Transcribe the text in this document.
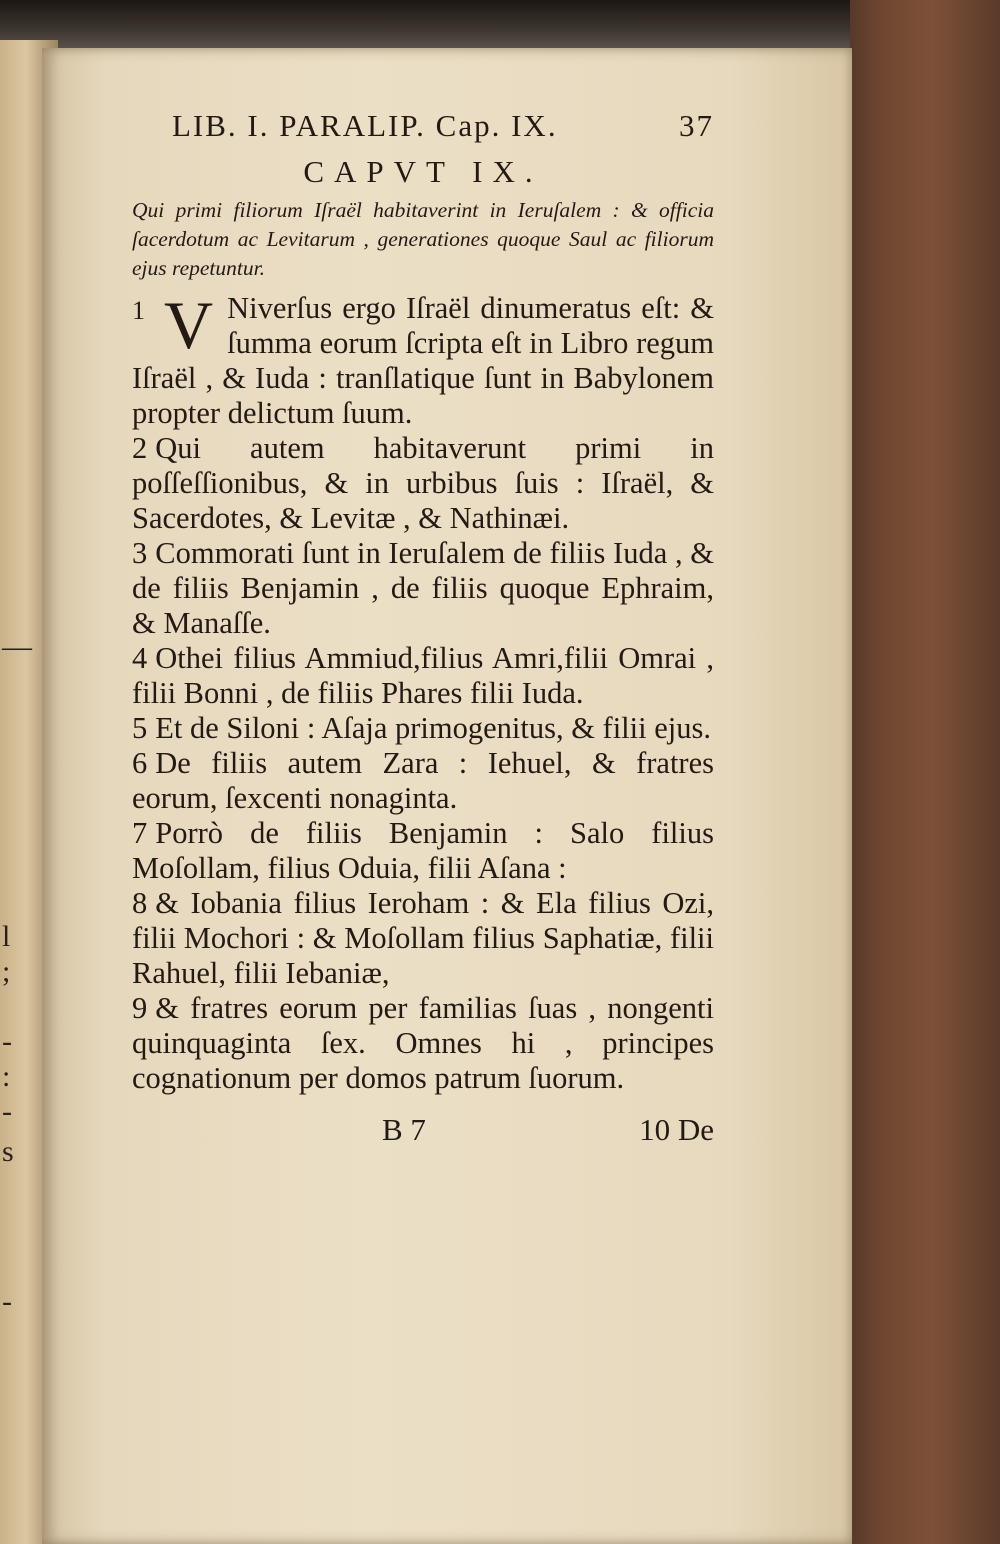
—
l
;
-
:
-
s
-
LIB. I. PARALIP. Cap. IX.	37
CAPVT IX.
Qui primi filiorum Iſraël habitaverint in Ieruſalem : & officia ſacerdotum ac Levitarum , generationes quoque Saul ac filiorum ejus repetuntur.

1 V Niverſus ergo Iſraël dinumeratus eſt: & ſumma eorum ſcripta eſt in Libro regum Iſraël , & Iuda : tranſlatique ſunt in Babylonem propter delictum ſuum.

2 Qui autem habitaverunt primi in poſſeſſionibus, & in urbibus ſuis : Iſraël, & Sacerdotes, & Levitæ , & Nathinæi.

3 Commorati ſunt in Ieruſalem de filiis Iuda , & de filiis Benjamin , de filiis quoque Ephraim, & Manaſſe.

4 Othei filius Ammiud,filius Amri,filii Omrai , filii Bonni , de filiis Phares filii Iuda.

5 Et de Siloni : Aſaja primogenitus, & filii ejus.

6 De filiis autem Zara : Iehuel, & fratres eorum, ſexcenti nonaginta.

7 Porrò de filiis Benjamin : Salo filius Moſollam, filius Oduia, filii Aſana :

8 & Iobania filius Ieroham : & Ela filius Ozi, filii Mochori : & Moſollam filius Saphatiæ, filii Rahuel, filii Iebaniæ,

9 & fratres eorum per familias ſuas , nongenti quinquaginta ſex. Omnes hi , principes cognationum per domos patrum ſuorum.

B 7	10 De
